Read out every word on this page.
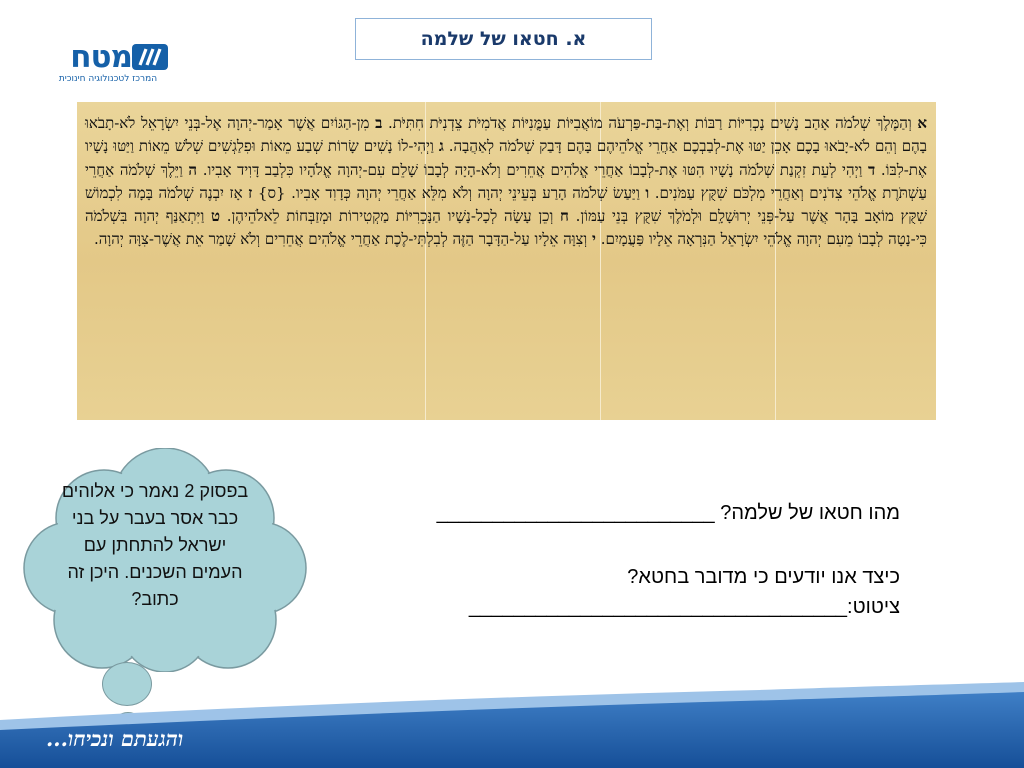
מטח
המרכז לטכנולוגיה חינוכית
א. חטאו של שלמה
א וְהַמֶּלֶךְ שְׁלֹמֹה אָהַב נָשִׁים נָכְרִיּוֹת רַבּוֹת וְאֶת-בַּת-פַּרְעֹה מוֹאֲבִיּוֹת עַמֳּנִיּוֹת אֲדֹמִיֹּת צֵדְנִיֹּת חִתִּיֹּת. ב מִן-הַגּוֹיִם אֲשֶׁר אָמַר-יְהוָה אֶל-בְּנֵי יִשְׂרָאֵל לֹא-תָבֹאוּ בָהֶם וְהֵם לֹא-יָבֹאוּ בָכֶם אָכֵן יַטּוּ אֶת-לְבַבְכֶם אַחֲרֵי אֱלֹהֵיהֶם בָּהֶם דָּבַק שְׁלֹמֹה לְאַהֲבָה. ג וַיְהִי-לוֹ נָשִׁים שָׂרוֹת שְׁבַע מֵאוֹת וּפִלַגְשִׁים שְׁלֹשׁ מֵאוֹת וַיַּטּוּ נָשָׁיו אֶת-לִבּוֹ. ד וַיְהִי לְעֵת זִקְנַת שְׁלֹמֹה נָשָׁיו הִטּוּ אֶת-לְבָבוֹ אַחֲרֵי אֱלֹהִים אֲחֵרִים וְלֹא-הָיָה לְבָבוֹ שָׁלֵם עִם-יְהוָה אֱלֹהָיו כִּלְבַב דָּוִיד אָבִיו. ה וַיֵּלֶךְ שְׁלֹמֹה אַחֲרֵי עַשְׁתֹּרֶת אֱלֹהֵי צִדֹנִים וְאַחֲרֵי מִלְכֹּם שִׁקֻּץ עַמֹּנִים. ו וַיַּעַשׂ שְׁלֹמֹה הָרַע בְּעֵינֵי יְהוָה וְלֹא מִלֵּא אַחֲרֵי יְהוָה כְּדָוִד אָבִיו. {ס} ז אָז יִבְנֶה שְׁלֹמֹה בָּמָה לִכְמוֹשׁ שִׁקֻּץ מוֹאָב בָּהָר אֲשֶׁר עַל-פְּנֵי יְרוּשָׁלִָם וּלְמֹלֶךְ שִׁקֻּץ בְּנֵי עַמּוֹן. ח וְכֵן עָשָׂה לְכָל-נָשָׁיו הַנָּכְרִיּוֹת מַקְטִירוֹת וּמְזַבְּחוֹת לֵאלֹהֵיהֶן. ט וַיִּתְאַנַּף יְהוָה בִּשְׁלֹמֹה כִּי-נָטָה לְבָבוֹ מֵעִם יְהוָה אֱלֹהֵי יִשְׂרָאֵל הַנִּרְאָה אֵלָיו פַּעֲמָיִם. י וְצִוָּה אֵלָיו עַל-הַדָּבָר הַזֶּה לְבִלְתִּי-לֶכֶת אַחֲרֵי אֱלֹהִים אֲחֵרִים וְלֹא שָׁמַר אֵת אֲשֶׁר-צִוָּה יְהוָה.
מהו חטאו של שלמה? _________________________
כיצד אנו יודעים כי מדובר בחטא?
ציטוט:__________________________________
בפסוק 2 נאמר כי אלוהים כבר אסר בעבר על בני ישראל להתחתן עם העמים השכנים. היכן זה כתוב?
והגעתם ונכיחו...
